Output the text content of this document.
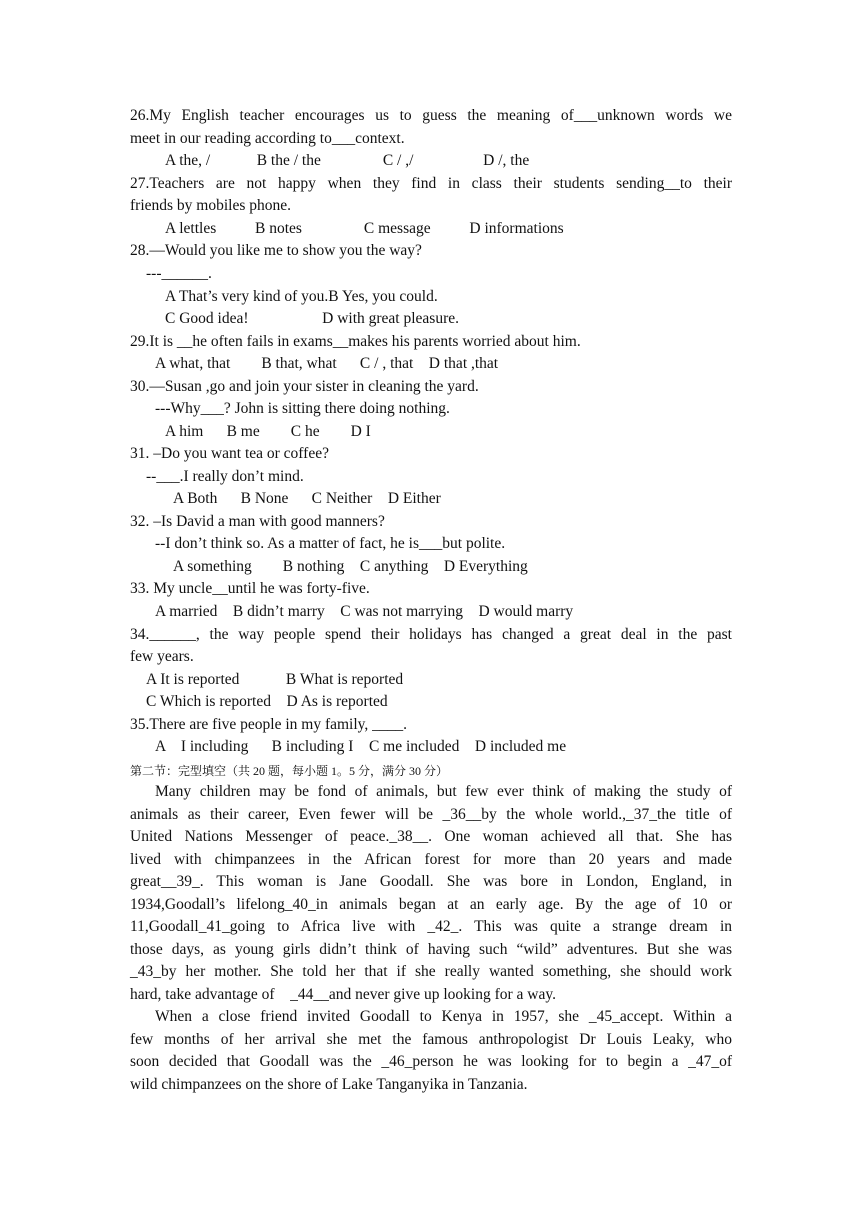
26.My English teacher encourages us to guess the meaning of___unknown words we
meet in our reading according to___context.
A the, /            B the / the                C / ,/                  D /, the
27.Teachers are not happy when they find in class their students sending__to their
friends by mobiles phone.
A lettles          B notes                C message          D informations
28.—Would you like me to show you the way?
---______.
A That’s very kind of you.B Yes, you could.
C Good idea!                   D with great pleasure.
29.It is __he often fails in exams__makes his parents worried about him.
A what, that        B that, what      C / , that    D that ,that
30.—Susan ,go and join your sister in cleaning the yard.
---Why___? John is sitting there doing nothing.
A him      B me        C he        D I
31. –Do you want tea or coffee?
--___.I really don’t mind.
A Both      B None      C Neither    D Either
32. –Is David a man with good manners?
--I don’t think so. As a matter of fact, he is___but polite.
A something        B nothing    C anything    D Everything
33. My uncle__until he was forty-five.
A married    B didn’t marry    C was not marrying    D would marry
34.______, the way people spend their holidays has changed a great deal in the past
few years.
A It is reported            B What is reported
C Which is reported    D As is reported
35.There are five people in my family, ____.
A    I including      B including I    C me included    D included me
第二节：完型填空（共 20 题，每小题 1。5 分，满分 30 分）
Many children may be fond of animals, but few ever think of making the study of
animals as their career, Even fewer will be _36__by the whole world.,_37_the title of
United Nations Messenger of peace._38__. One woman achieved all that. She has
lived with chimpanzees in the African forest for more than 20 years and made
great__39_. This woman is Jane Goodall. She was bore in London, England, in
1934,Goodall’s lifelong_40_in animals began at an early age. By the age of 10 or
11,Goodall_41_going to Africa live with _42_. This was quite a strange dream in
those days, as young girls didn’t think of having such “wild” adventures. But she was
_43_by her mother. She told her that if she really wanted something, she should work
hard, take advantage of    _44__and never give up looking for a way.
When a close friend invited Goodall to Kenya in 1957, she _45_accept. Within a
few months of her arrival she met the famous anthropologist Dr Louis Leaky, who
soon decided that Goodall was the _46_person he was looking for to begin a _47_of
wild chimpanzees on the shore of Lake Tanganyika in Tanzania.
